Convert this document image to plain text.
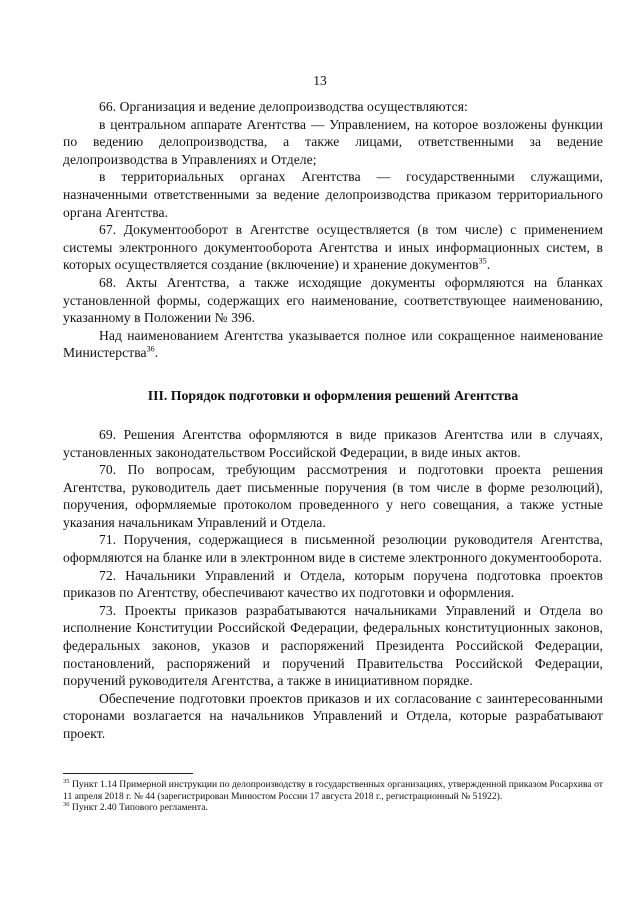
13

66. Организация и ведение делопроизводства осуществляются:

в центральном аппарате Агентства — Управлением, на которое возложены функции по ведению делопроизводства, а также лицами, ответственными за ведение делопроизводства в Управлениях и Отделе;

в территориальных органах Агентства — государственными служащими, назначенными ответственными за ведение делопроизводства приказом территориального органа Агентства.

67. Документооборот в Агентстве осуществляется (в том числе) с применением системы электронного документооборота Агентства и иных информационных систем, в которых осуществляется создание (включение) и хранение документов$^{35}$.

68. Акты Агентства, а также исходящие документы оформляются на бланках установленной формы, содержащих его наименование, соответствующее наименованию, указанному в Положении № 396.

Над наименованием Агентства указывается полное или сокращенное наименование Министерства$^{36}$.

III. Порядок подготовки и оформления решений Агентства

69. Решения Агентства оформляются в виде приказов Агентства или в случаях, установленных законодательством Российской Федерации, в виде иных актов.

70. По вопросам, требующим рассмотрения и подготовки проекта решения Агентства, руководитель дает письменные поручения (в том числе в форме резолюций), поручения, оформляемые протоколом проведенного у него совещания, а также устные указания начальникам Управлений и Отдела.

71. Поручения, содержащиеся в письменной резолюции руководителя Агентства, оформляются на бланке или в электронном виде в системе электронного документооборота.

72. Начальники Управлений и Отдела, которым поручена подготовка проектов приказов по Агентству, обеспечивают качество их подготовки и оформления.

73. Проекты приказов разрабатываются начальниками Управлений и Отдела во исполнение Конституции Российской Федерации, федеральных конституционных законов, федеральных законов, указов и распоряжений Президента Российской Федерации, постановлений, распоряжений и поручений Правительства Российской Федерации, поручений руководителя Агентства, а также в инициативном порядке.

Обеспечение подготовки проектов приказов и их согласование с заинтересованными сторонами возлагается на начальников Управлений и Отдела, которые разрабатывают проект.

$^{35}$ Пункт 1.14 Примерной инструкции по делопроизводству в государственных организациях, утвержденной приказом Росархива от 11 апреля 2018 г. № 44 (зарегистрирован Минюстом России 17 августа 2018 г., регистрационный № 51922).

$^{36}$ Пункт 2.40 Типового регламента.
